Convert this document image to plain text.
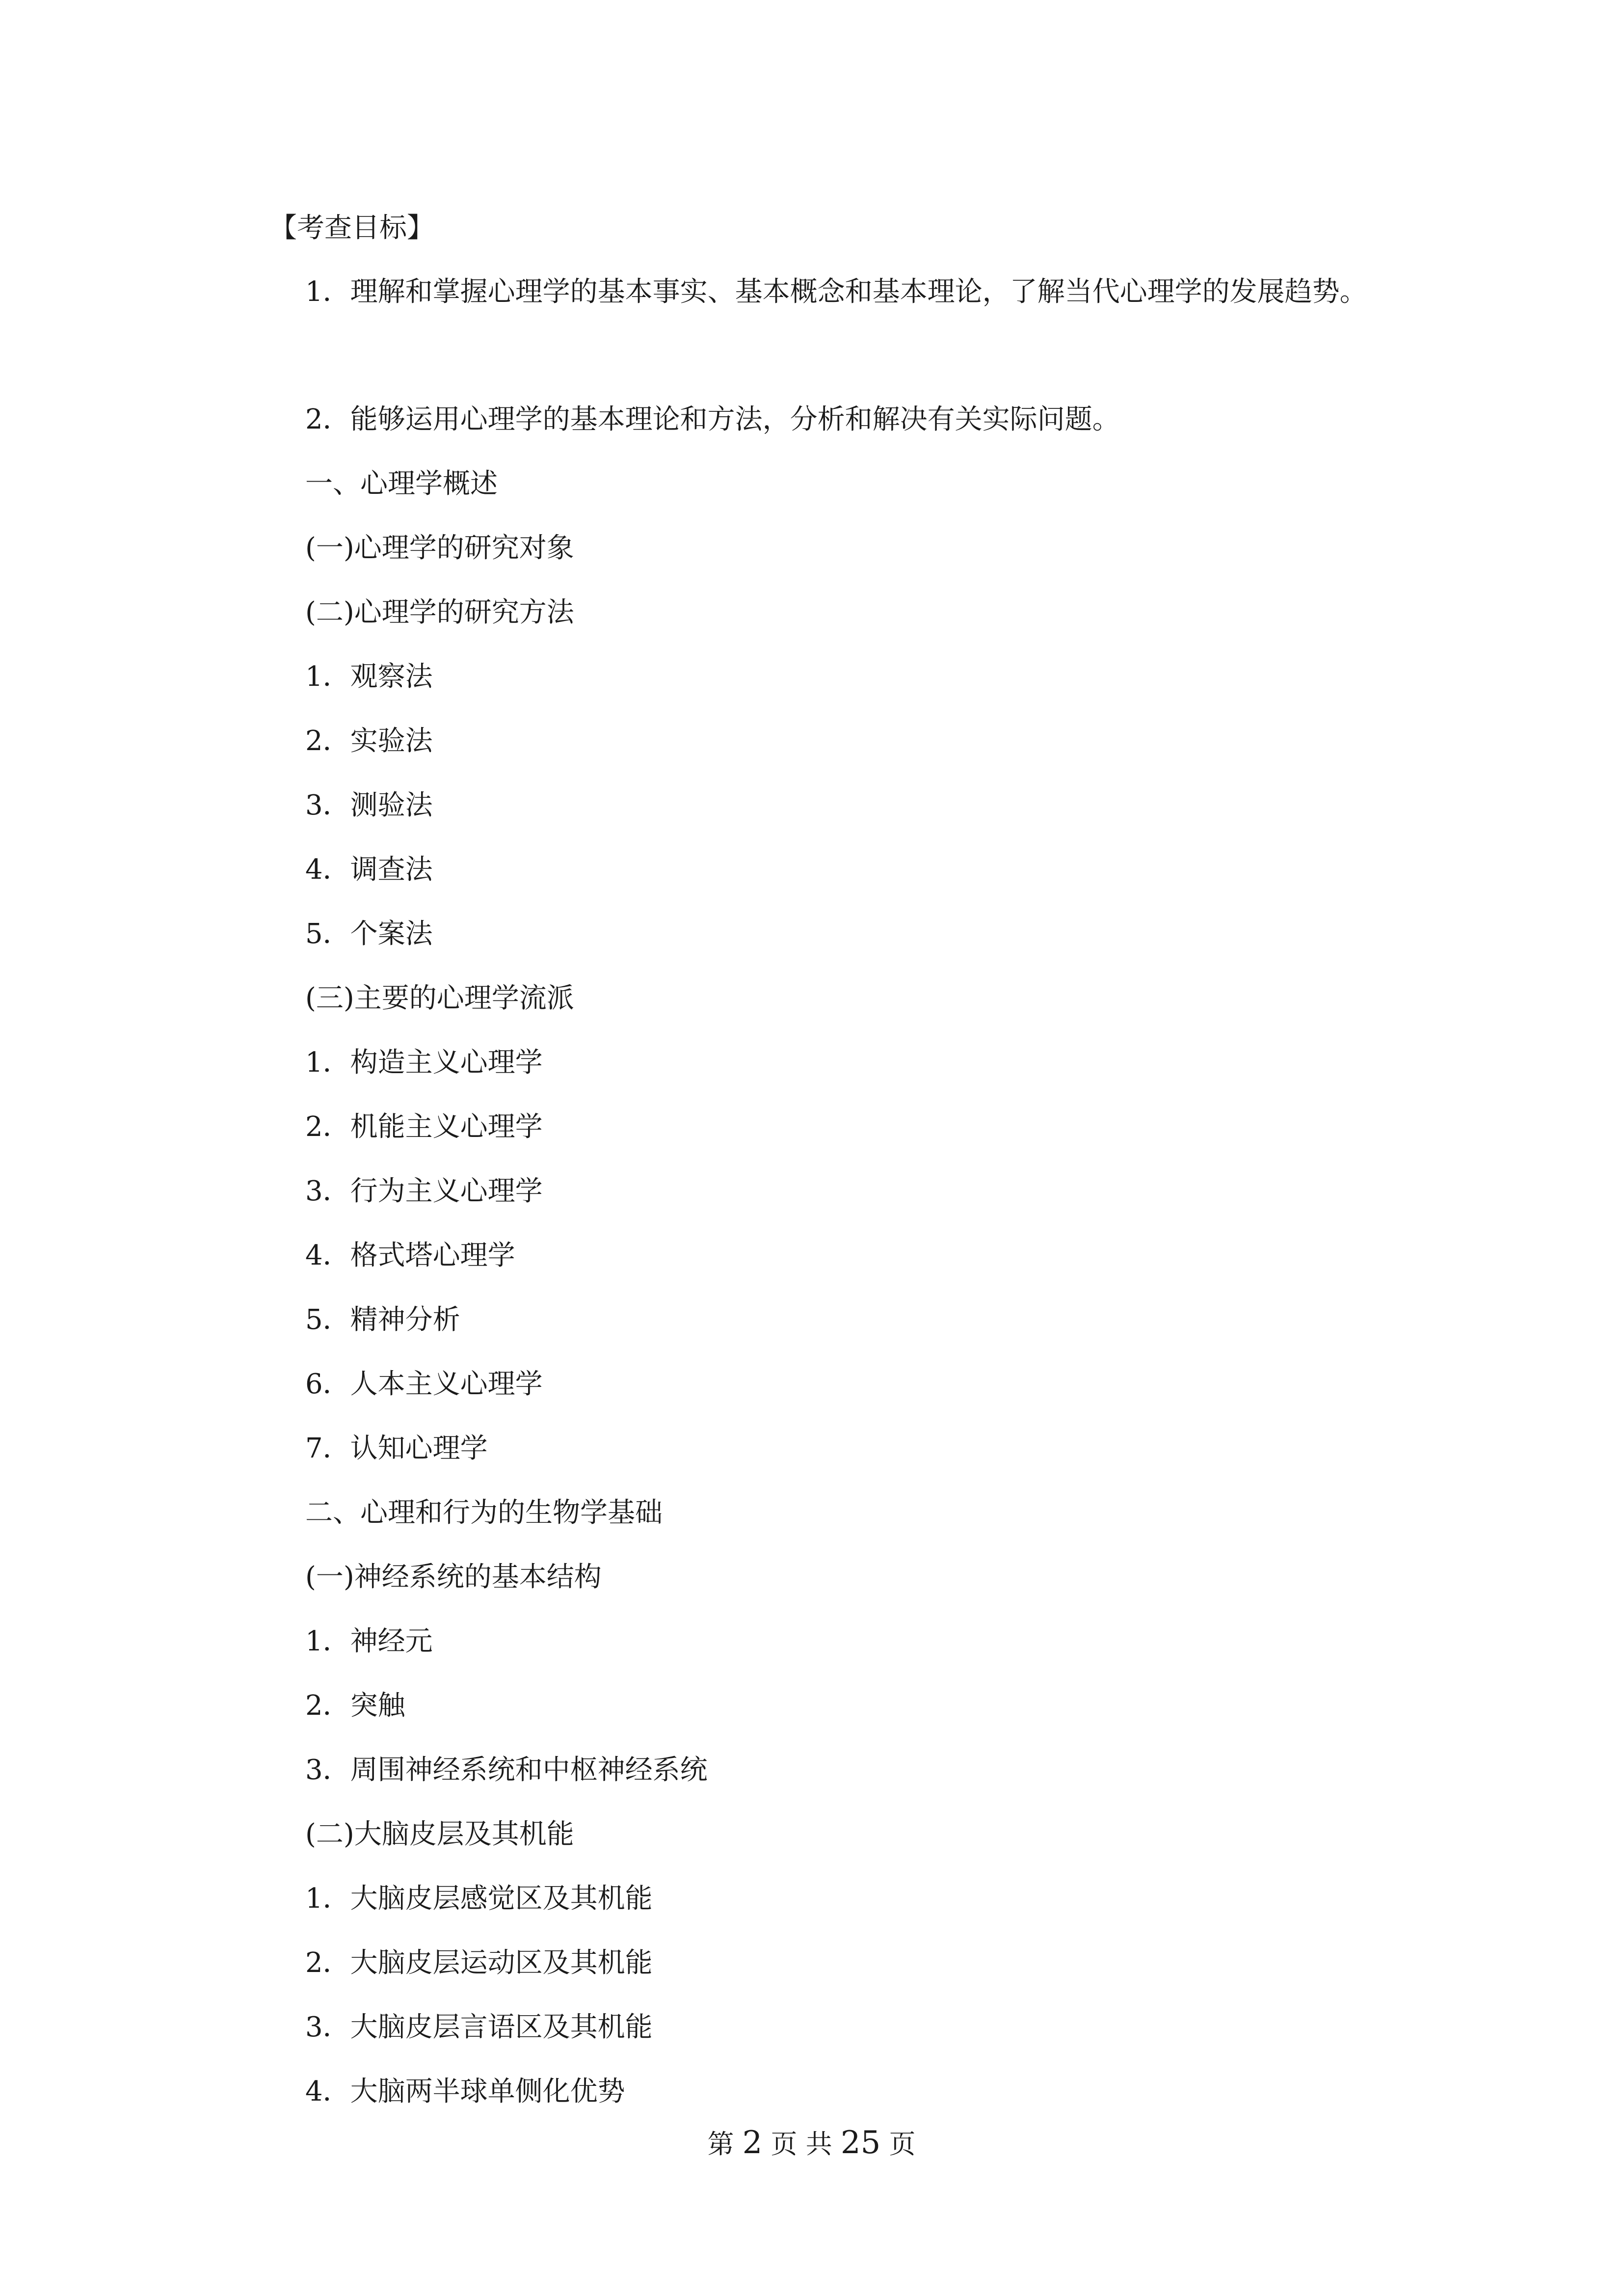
【考查目标】
1．理解和掌握心理学的基本事实、基本概念和基本理论，了解当代心理学的发展趋势。
2．能够运用心理学的基本理论和方法，分析和解决有关实际问题。
一、心理学概述
(一)心理学的研究对象
(二)心理学的研究方法
1．观察法
2．实验法
3．测验法
4．调查法
5．个案法
(三)主要的心理学流派
1．构造主义心理学
2．机能主义心理学
3．行为主义心理学
4．格式塔心理学
5．精神分析
6．人本主义心理学
7．认知心理学
二、心理和行为的生物学基础
(一)神经系统的基本结构
1．神经元
2．突触
3．周围神经系统和中枢神经系统
(二)大脑皮层及其机能
1．大脑皮层感觉区及其机能
2．大脑皮层运动区及其机能
3．大脑皮层言语区及其机能
4．大脑两半球单侧化优势
第 2 页 共 25 页
